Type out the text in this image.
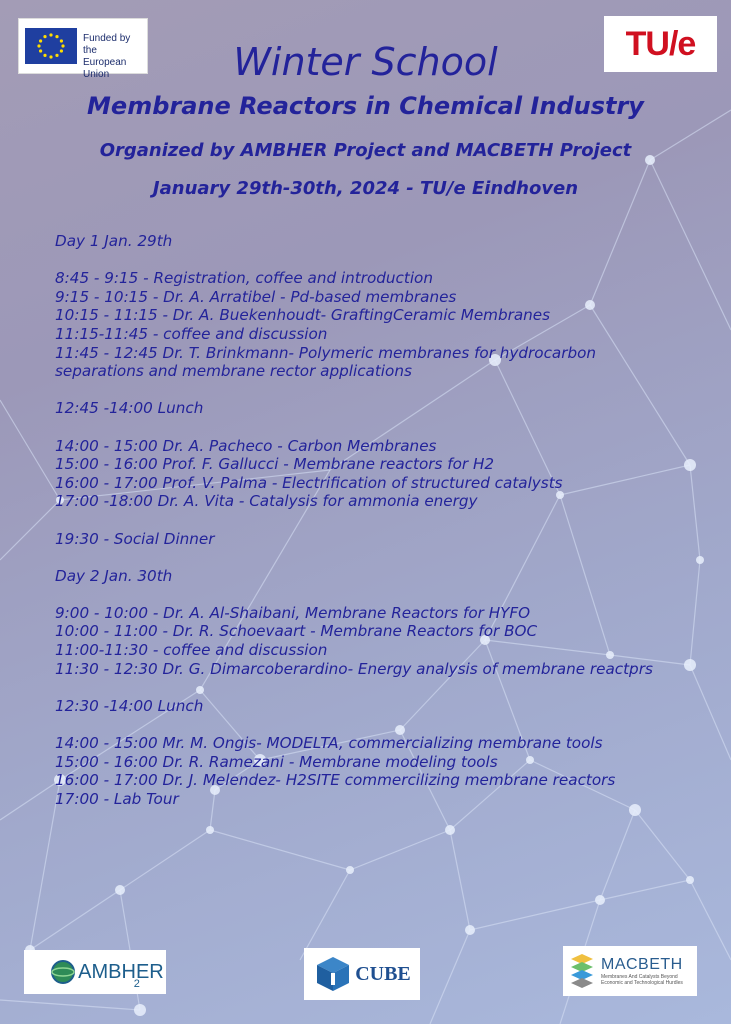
Funded by the
European Union
TU/e
Winter School
Membrane Reactors in Chemical Industry
Organized by AMBHER Project and MACBETH Project
January 29th-30th, 2024 - TU/e Eindhoven
Day 1 Jan. 29th
8:45 - 9:15 - Registration, coffee and introduction
9:15 - 10:15 - Dr. A. Arratibel - Pd-based membranes
10:15 - 11:15 - Dr. A. Buekenhoudt- GraftingCeramic Membranes
11:15-11:45 - coffee and discussion
11:45 - 12:45 Dr. T. Brinkmann- Polymeric membranes for hydrocarbon separations and membrane rector applications
12:45 -14:00 Lunch
14:00 - 15:00 Dr. A. Pacheco - Carbon Membranes
15:00 - 16:00 Prof. F. Gallucci - Membrane reactors for H2
16:00 - 17:00 Prof. V. Palma - Electrification of structured catalysts
17:00 -18:00 Dr. A. Vita - Catalysis for ammonia energy
19:30 - Social Dinner
Day 2 Jan. 30th
9:00 - 10:00 - Dr. A. Al-Shaibani, Membrane Reactors for HYFO
10:00 - 11:00 - Dr. R. Schoevaart - Membrane Reactors for BOC
11:00-11:30 - coffee and discussion
11:30 - 12:30 Dr. G. Dimarcoberardino- Energy analysis of membrane reactprs
12:30 -14:00 Lunch
14:00 - 15:00 Mr. M. Ongis- MODELTA, commercializing membrane tools
15:00 - 16:00 Dr. R. Ramezani - Membrane modeling tools
16:00 - 17:00 Dr. J. Melendez- H2SITE commercilizing membrane reactors
17:00 - Lab Tour
AMBH ER
2	CUBE	MACBETH
Membranes And Catalysts Beyond Economic and Technological Hurdles
